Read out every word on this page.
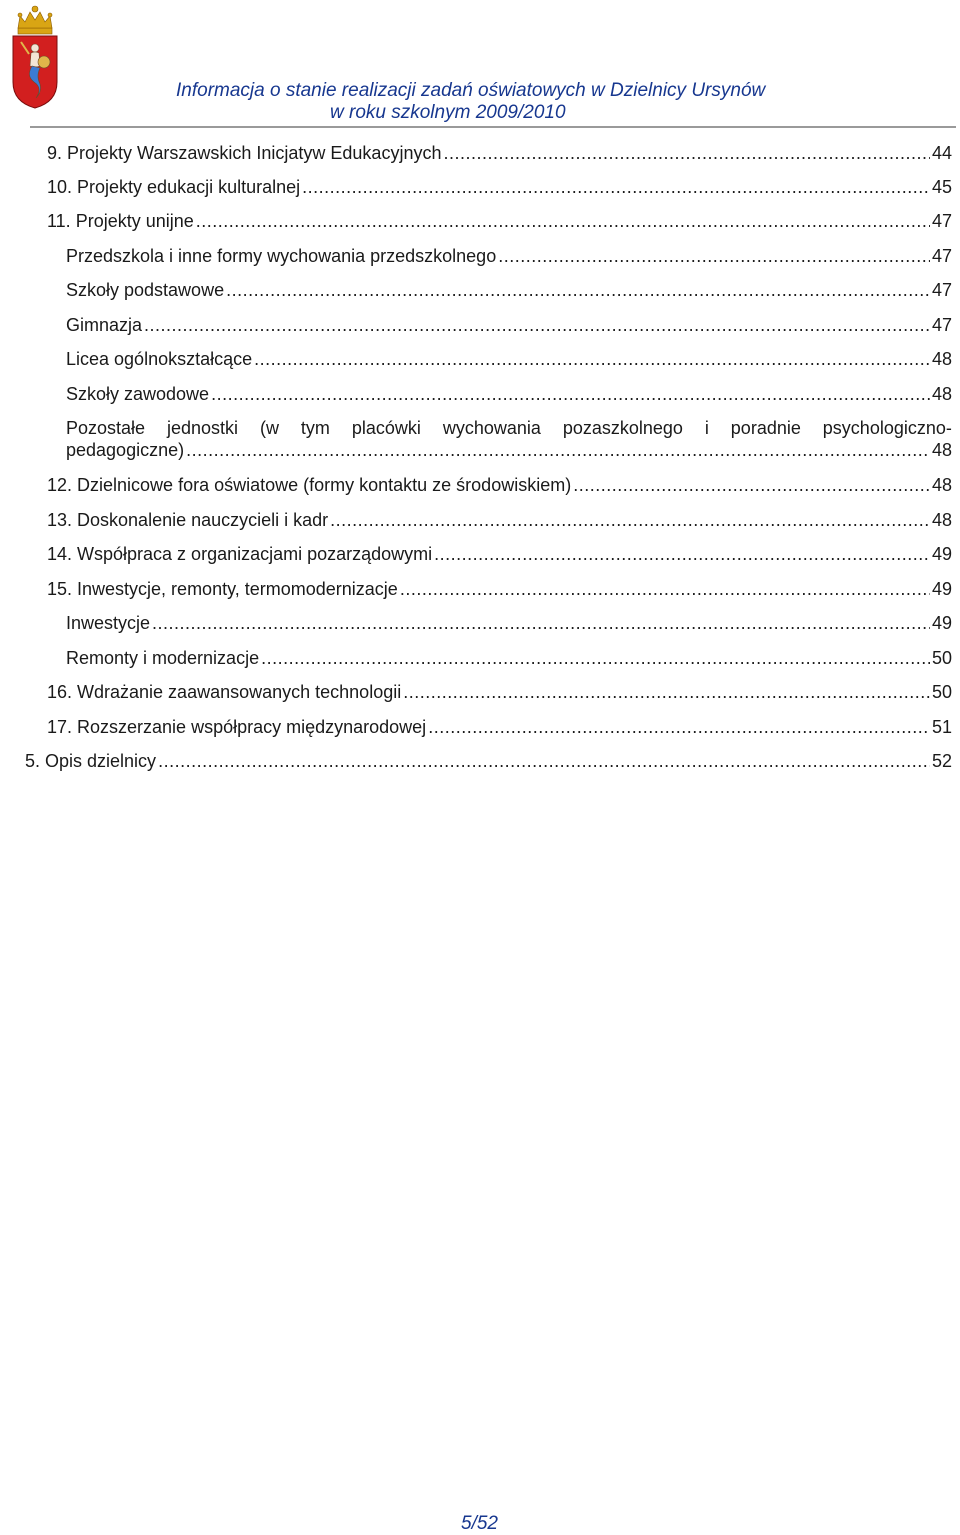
Informacja o stanie realizacji zadań oświatowych w Dzielnicy Ursynów
w roku szkolnym 2009/2010
9. Projekty Warszawskich Inicjatyw Edukacyjnych .....	44
10. Projekty edukacji kulturalnej .....	45
11. Projekty unijne .....	47
Przedszkola i inne formy wychowania przedszkolnego .....	47
Szkoły podstawowe .....	47
Gimnazja .....	47
Licea ogólnokształcące .....	48
Szkoły zawodowe .....	48
Pozostałe jednostki (w tym placówki wychowania pozaszkolnego i poradnie psychologiczno-
pedagogiczne) .....	48
12. Dzielnicowe fora oświatowe (formy kontaktu ze środowiskiem) .....	48
13. Doskonalenie nauczycieli i kadr .....	48
14. Współpraca z organizacjami pozarządowymi .....	49
15. Inwestycje, remonty, termomodernizacje .....	49
Inwestycje .....	49
Remonty i modernizacje .....	50
16. Wdrażanie zaawansowanych technologii .....	50
17. Rozszerzanie współpracy międzynarodowej .....	51
5. Opis dzielnicy .....	52
5/52
